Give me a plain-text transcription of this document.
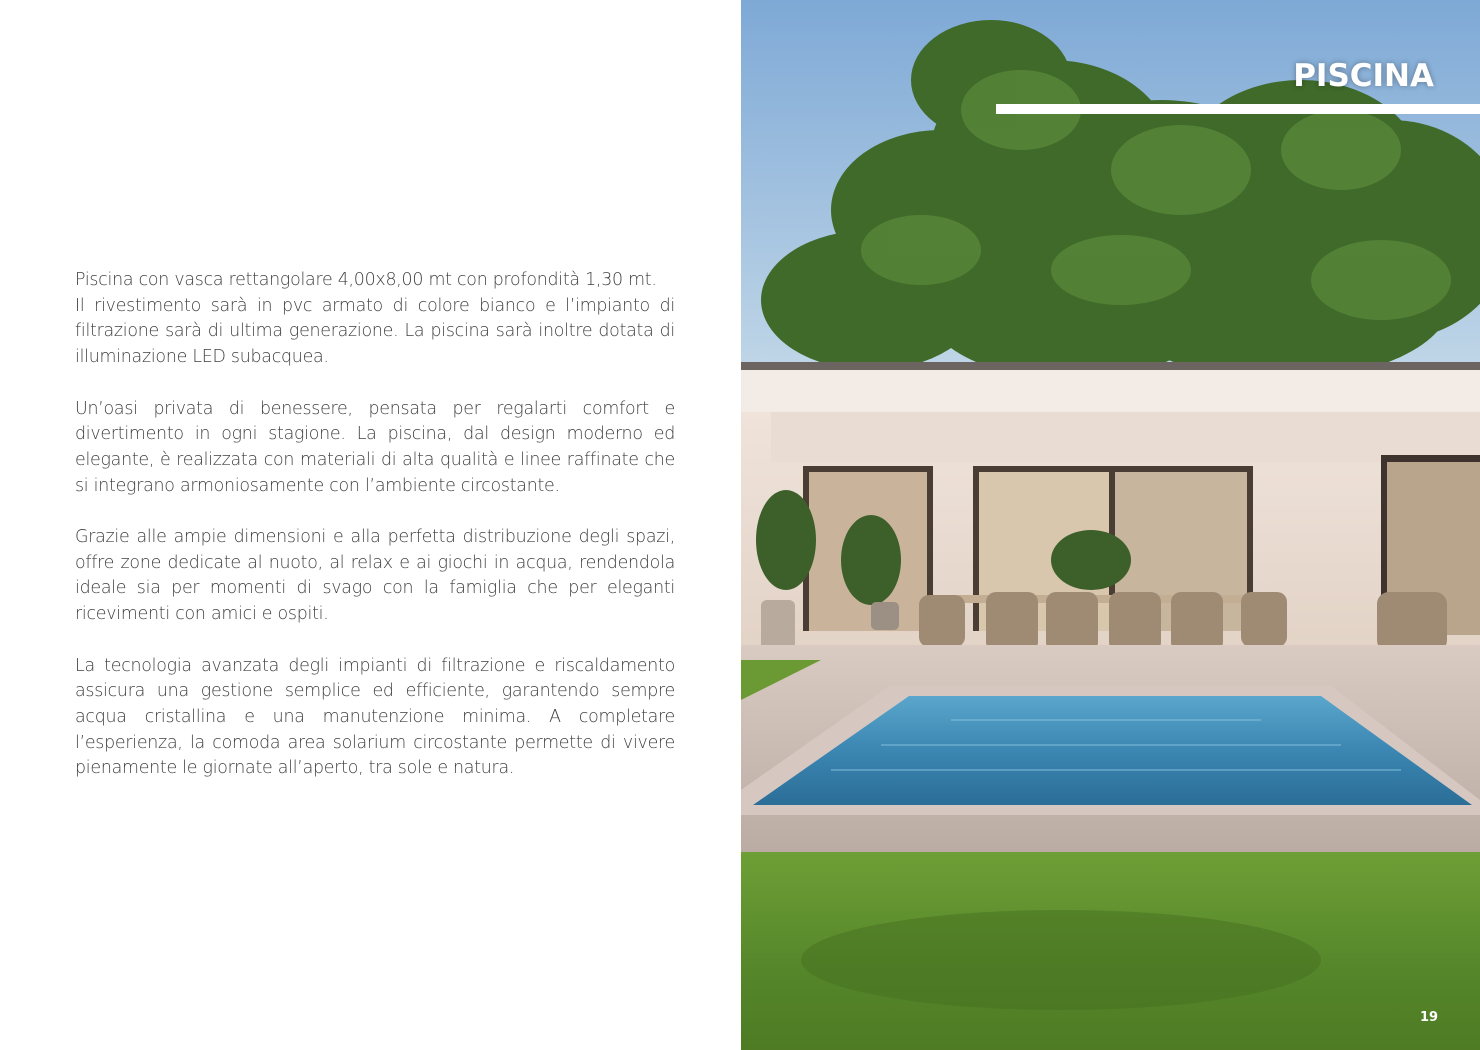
Piscina con vasca rettangolare 4,00x8,00 mt con profondità 1,30 mt.
Il rivestimento sarà in pvc armato di colore bianco e l’impianto di filtrazione sarà di ultima generazione. La piscina sarà inoltre dotata di illuminazione LED subacquea.

Un’oasi privata di benessere, pensata per regalarti comfort e divertimento in ogni stagione. La piscina, dal design moderno ed elegante, è realizzata con materiali di alta qualità e linee raffinate che si integrano armoniosamente con l’ambiente circostante.

Grazie alle ampie dimensioni e alla perfetta distribuzione degli spazi, offre zone dedicate al nuoto, al relax e ai giochi in acqua, rendendola ideale sia per momenti di svago con la famiglia che per eleganti ricevimenti con amici e ospiti.

La tecnologia avanzata degli impianti di filtrazione e riscaldamento assicura una gestione semplice ed efficiente, garantendo sempre acqua cristallina e una manutenzione minima. A completare l’esperienza, la comoda area solarium circostante permette di vivere pienamente le giornate all’aperto, tra sole e natura.

PISCINA
19
